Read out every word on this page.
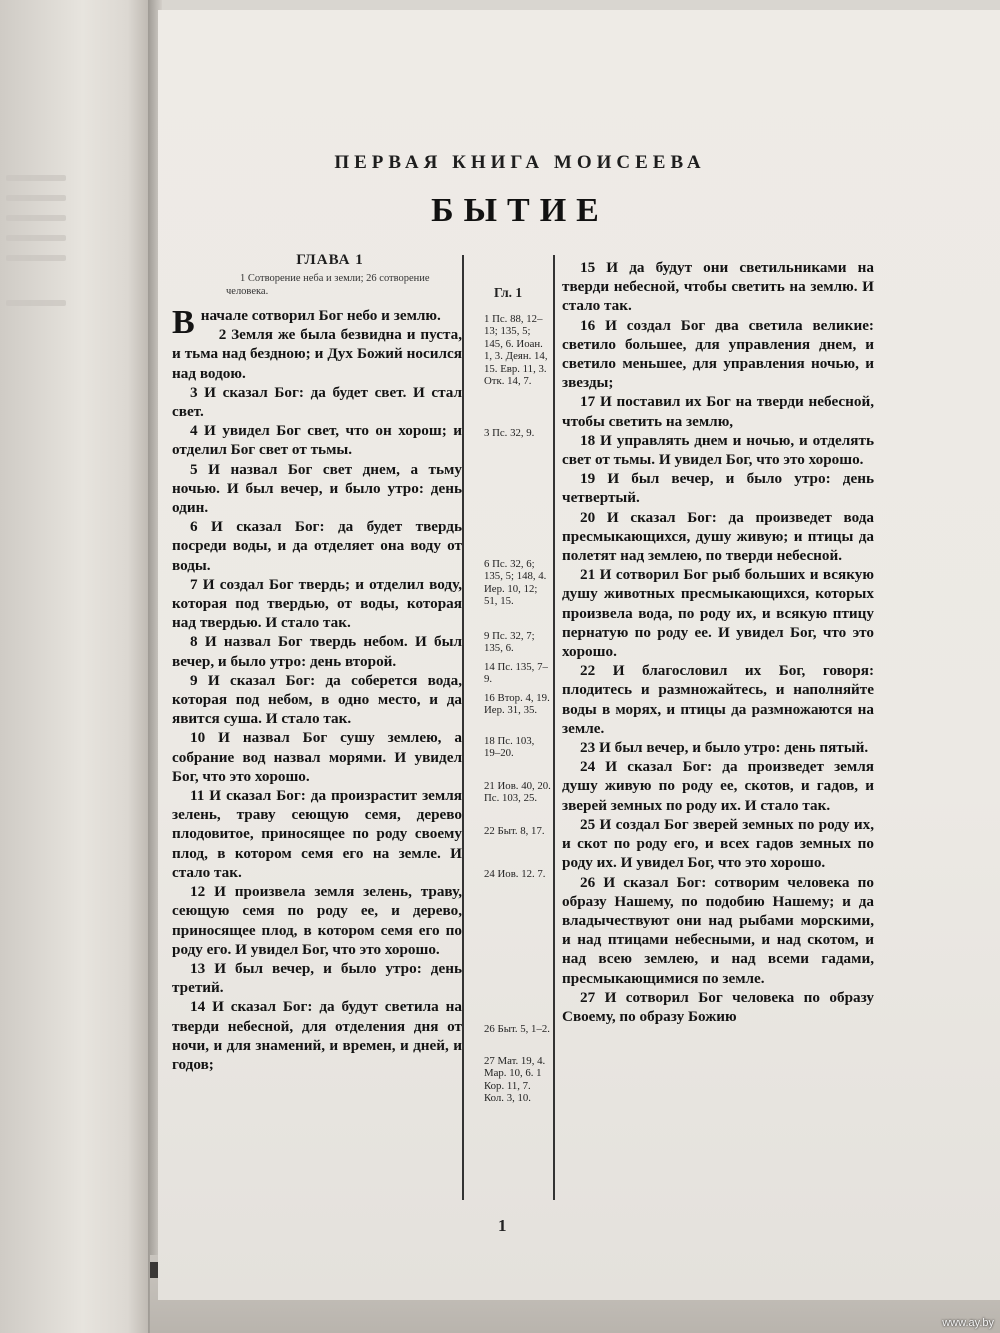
ПЕРВАЯ КНИГА МОИСЕЕВА
БЫТИЕ
ГЛАВА 1
1 Сотворение неба и земли; 26 сотворение человека.

В начале сотворил Бог небо и землю.

2 Земля же была безвидна и пуста, и тьма над бездною; и Дух Божий носился над водою.

3 И сказал Бог: да будет свет. И стал свет.

4 И увидел Бог свет, что он хорош; и отделил Бог свет от тьмы.

5 И назвал Бог свет днем, а тьму ночью. И был вечер, и было утро: день один.

6 И сказал Бог: да будет твердь посреди воды, и да отделяет она воду от воды.

7 И создал Бог твердь; и отделил воду, которая под твердью, от воды, которая над твердью. И стало так.

8 И назвал Бог твердь небом. И был вечер, и было утро: день второй.

9 И сказал Бог: да соберется вода, которая под небом, в одно место, и да явится суша. И стало так.

10 И назвал Бог сушу землею, а собрание вод назвал морями. И увидел Бог, что это хорошо.

11 И сказал Бог: да произрастит земля зелень, траву сеющую семя, дерево плодовитое, приносящее по роду своему плод, в котором семя его на земле. И стало так.

12 И произвела земля зелень, траву, сеющую семя по роду ее, и дерево, приносящее плод, в котором семя его по роду его. И увидел Бог, что это хорошо.

13 И был вечер, и было утро: день третий.

14 И сказал Бог: да будут светила на тверди небесной, для отделения дня от ночи, и для знамений, и времен, и дней, и годов;

Гл. 1
1 Пс. 88, 12–13; 135, 5; 145, 6. Иоан. 1, 3. Деян. 14, 15. Евр. 11, 3. Отк. 14, 7.
3 Пс. 32, 9.
6 Пс. 32, 6; 135, 5; 148, 4. Иер. 10, 12; 51, 15.
9 Пс. 32, 7; 135, 6.
14 Пс. 135, 7–9.
16 Втор. 4, 19. Иер. 31, 35.
18 Пс. 103, 19–20.
21 Иов. 40, 20. Пс. 103, 25.
22 Быт. 8, 17.
24 Иов. 12. 7.
26 Быт. 5, 1–2.
27 Мат. 19, 4. Мар. 10, 6. 1 Кор. 11, 7. Кол. 3, 10.

15 И да будут они светильниками на тверди небесной, чтобы светить на землю. И стало так.

16 И создал Бог два светила великие: светило большее, для управления днем, и светило меньшее, для управления ночью, и звезды;

17 И поставил их Бог на тверди небесной, чтобы светить на землю,

18 И управлять днем и ночью, и отделять свет от тьмы. И увидел Бог, что это хорошо.

19 И был вечер, и было утро: день четвертый.

20 И сказал Бог: да произведет вода пресмыкающихся, душу живую; и птицы да полетят над землею, по тверди небесной.

21 И сотворил Бог рыб больших и всякую душу животных пресмыкающихся, которых произвела вода, по роду их, и всякую птицу пернатую по роду ее. И увидел Бог, что это хорошо.

22 И благословил их Бог, говоря: плодитесь и размножайтесь, и наполняйте воды в морях, и птицы да размножаются на земле.

23 И был вечер, и было утро: день пятый.

24 И сказал Бог: да произведет земля душу живую по роду ее, скотов, и гадов, и зверей земных по роду их. И стало так.

25 И создал Бог зверей земных по роду их, и скот по роду его, и всех гадов земных по роду их. И увидел Бог, что это хорошо.

26 И сказал Бог: сотворим человека по образу Нашему, по подобию Нашему; и да владычествуют они над рыбами морскими, и над птицами небесными, и над скотом, и над всею землею, и над всеми гадами, пресмыкающимися по земле.

27 И сотворил Бог человека по образу Своему, по образу Божию

1
www.ay.by
